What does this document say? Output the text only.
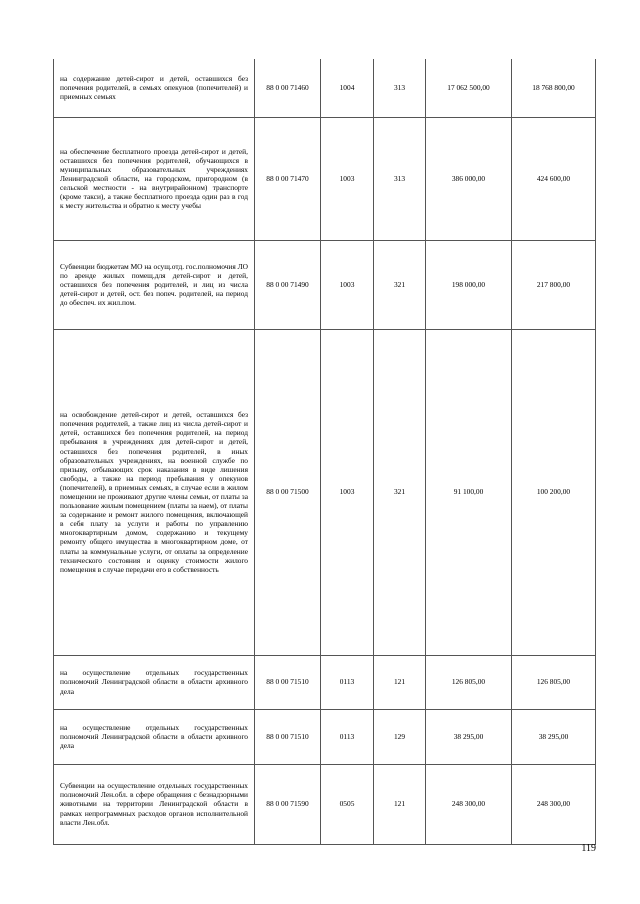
на содержание детей-сирот и детей, оставшихся без попечения родителей, в семьях опекунов (попечителей) и приемных семьях	88 0 00 71460	1004	313	17 062 500,00	18 768 800,00
на обеспечение бесплатного проезда детей-сирот и детей, оставшихся без попечения родителей, обучающихся в муниципальных образовательных учреждениях Ленинградской области, на городском, пригородном (в сельской местности - на внутрирайонном) транспорте (кроме такси), а также бесплатного проезда один раз в год к месту жительства и обратно к месту учебы	88 0 00 71470	1003	313	386 000,00	424 600,00
Субвенции бюджетам МО на осущ.отд. гос.полномочия ЛО по аренде жилых помещ.для детей-сирот и детей, оставшихся без попечения родителей, и лиц из числа детей-сирот и детей, ост. без попеч. родителей, на период до обеспеч. их жил.пом.	88 0 00 71490	1003	321	198 000,00	217 800,00
на освобождение детей-сирот и детей, оставшихся без попечения родителей, а также лиц из числа детей-сирот и детей, оставшихся без попечения родителей, на период пребывания в учреждениях для детей-сирот и детей, оставшихся без попечения родителей, в иных образовательных учреждениях, на военной службе по призыву, отбывающих срок наказания в виде лишения свободы, а также на период пребывания у опекунов (попечителей), в приемных семьях, в случае если в жилом помещении не проживают другие члены семьи, от платы за пользование жилым помещением (платы за наем), от платы за содержание и ремонт жилого помещения, включающей в себя плату за услуги и работы по управлению многоквартирным домом, содержанию и текущему ремонту общего имущества в многоквартирном доме, от платы за коммунальные услуги, от оплаты за определение технического состояния и оценку стоимости жилого помещения в случае передачи его в собственность	88 0 00 71500	1003	321	91 100,00	100 200,00
на осуществление отдельных государственных полномочий Ленинградской области в области архивного дела	88 0 00 71510	0113	121	126 805,00	126 805,00
на осуществление отдельных государственных полномочий Ленинградской области в области архивного дела	88 0 00 71510	0113	129	38 295,00	38 295,00
Субвенции на осуществление отдельных государственных полномочий Лен.обл. в сфере обращения с безнадзорными животными на территории Ленинградской области в рамках непрограммных расходов органов исполнительной власти Лен.обл.	88 0 00 71590	0505	121	248 300,00	248 300,00
119
